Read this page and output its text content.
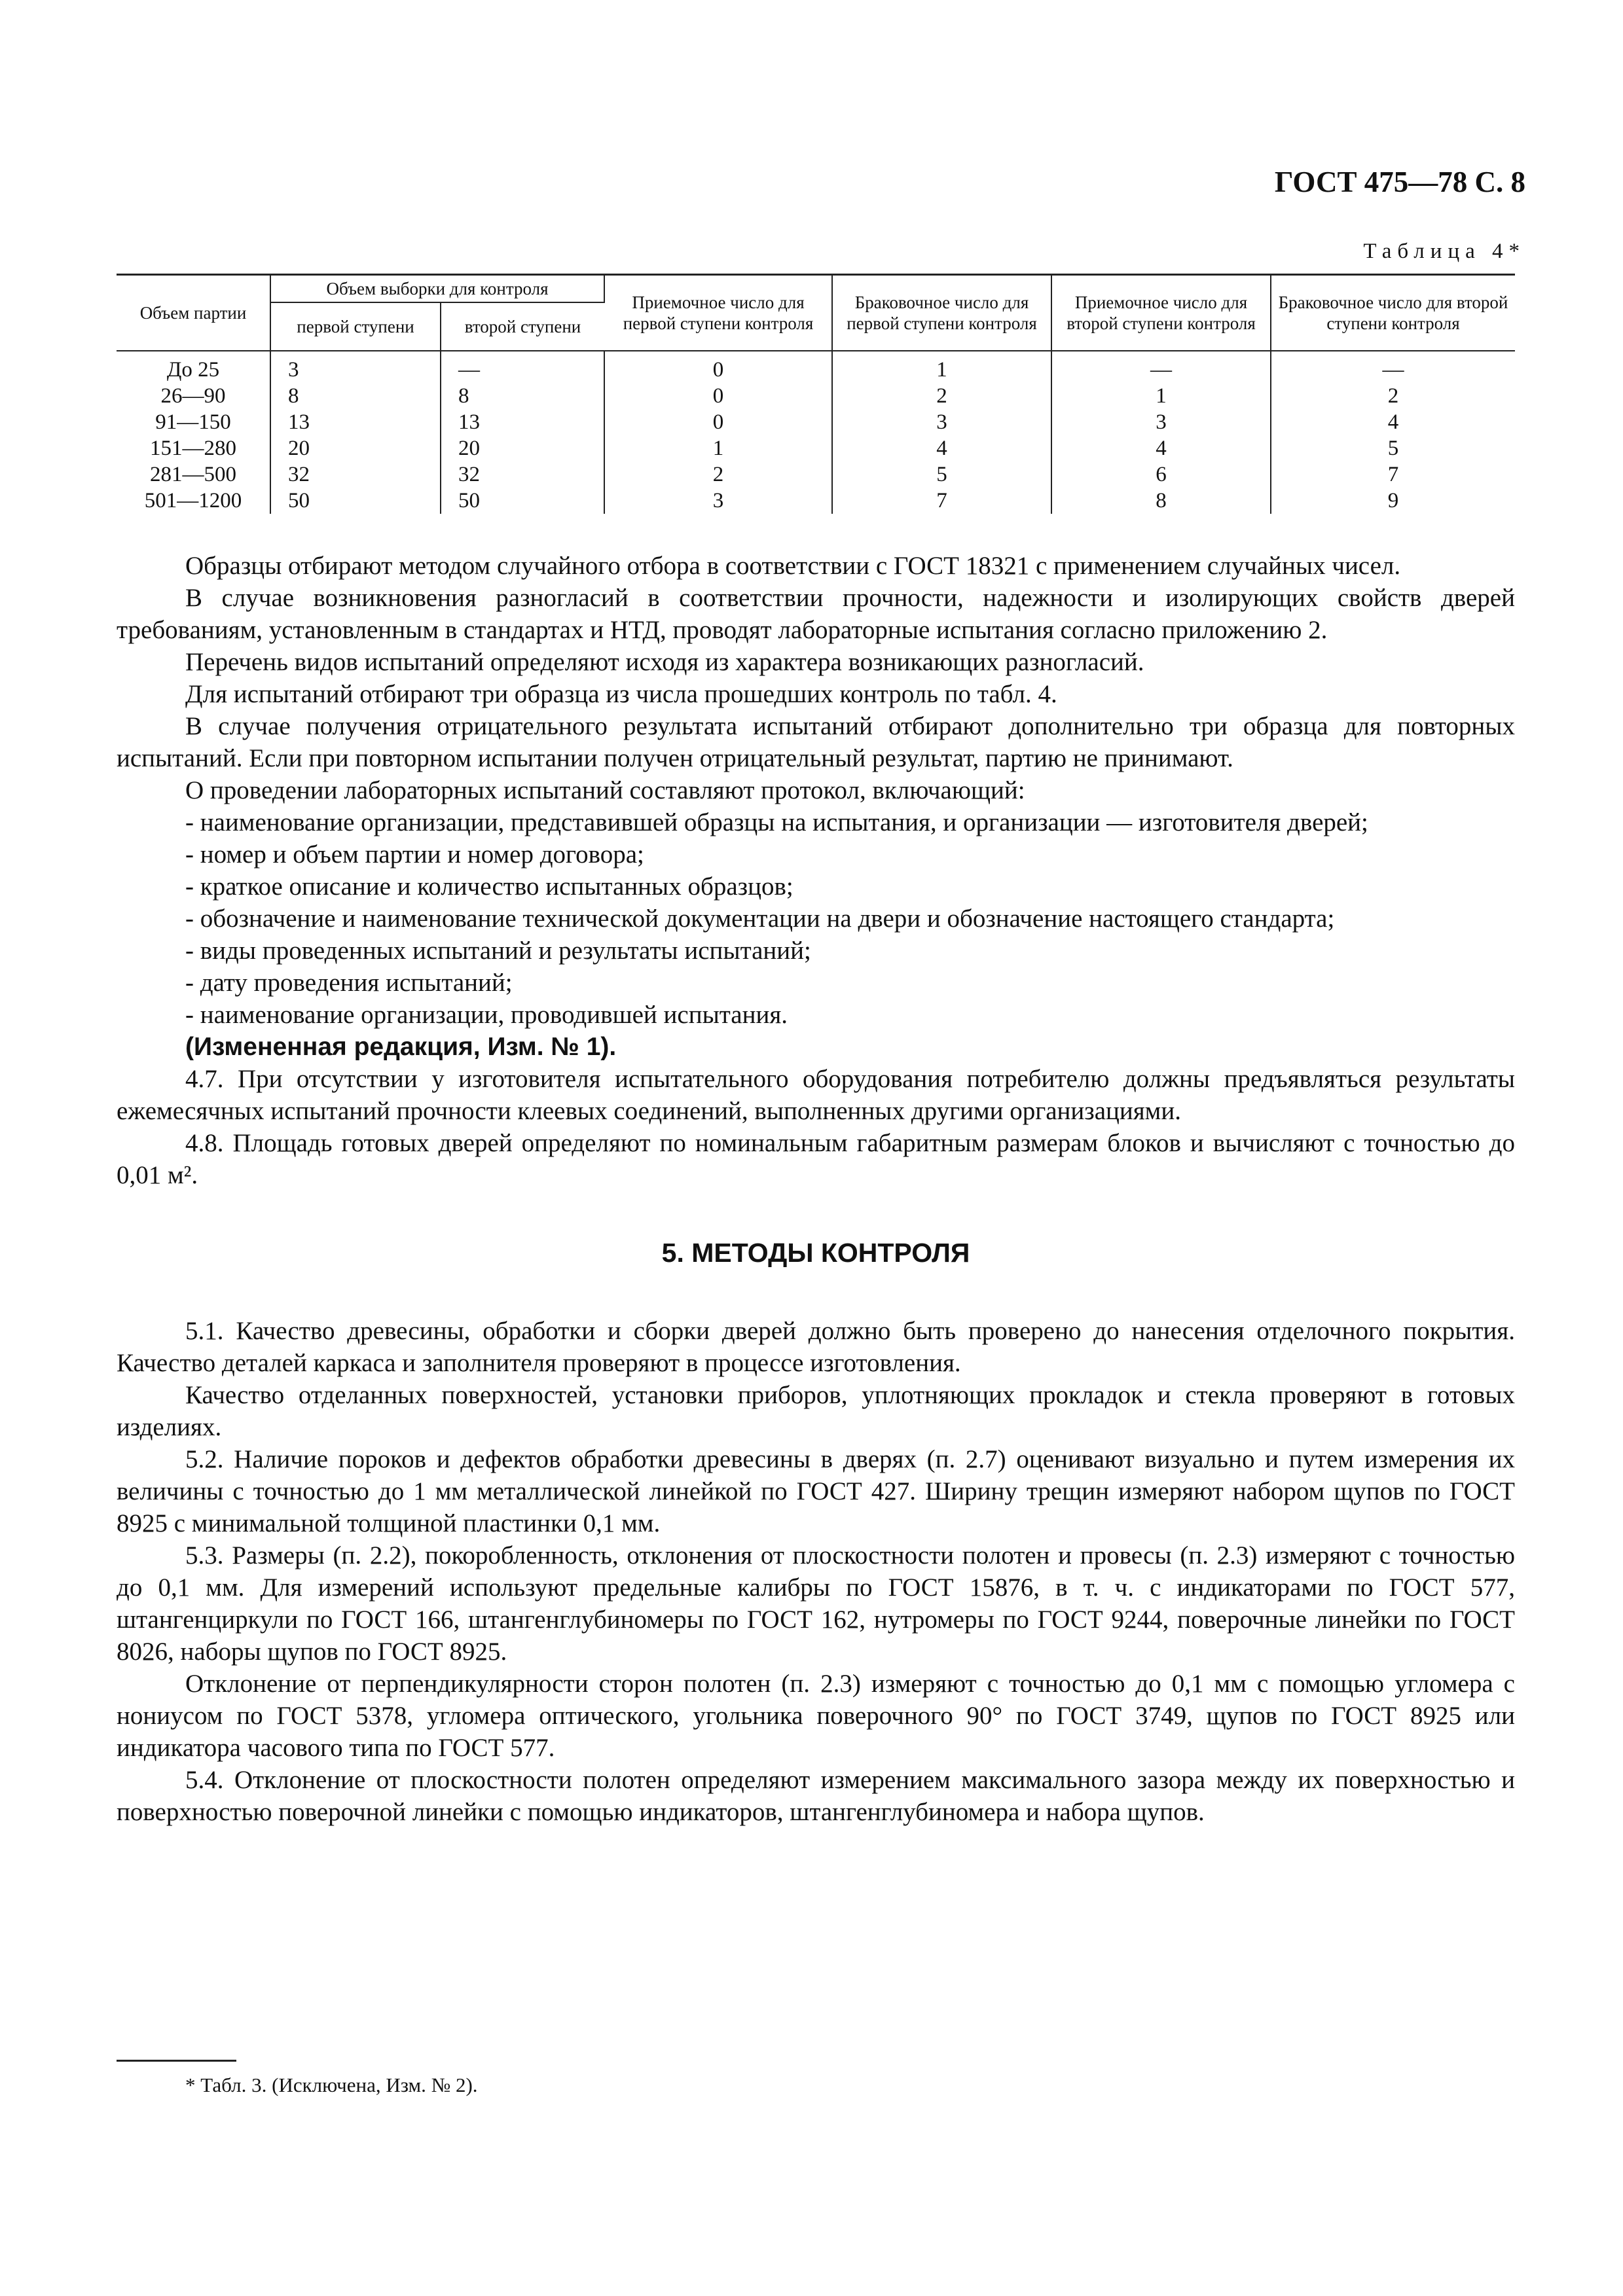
ГОСТ 475—78 С. 8
Таблица 4*
Объем партии	Объем выборки для контроля		Приемочное число для первой ступени контроля	Браковочное число для первой ступени контроля	Приемочное число для второй ступени контроля	Браковочное число для второй ступени контроля
	первой ступени	второй ступени				
До 25	3	—	0	1	—	—
26—90	8	8	0	2	1	2
91—150	13	13	0	3	3	4
151—280	20	20	1	4	4	5
281—500	32	32	2	5	6	7
501—1200	50	50	3	7	8	9

Образцы отбирают методом случайного отбора в соответствии с ГОСТ 18321 с применением случайных чисел.

В случае возникновения разногласий в соответствии прочности, надежности и изолирующих свойств дверей требованиям, установленным в стандартах и НТД, проводят лабораторные испытания согласно приложению 2.

Перечень видов испытаний определяют исходя из характера возникающих разногласий.

Для испытаний отбирают три образца из числа прошедших контроль по табл. 4.

В случае получения отрицательного результата испытаний отбирают дополнительно три образца для повторных испытаний. Если при повторном испытании получен отрицательный результат, партию не принимают.

О проведении лабораторных испытаний составляют протокол, включающий:

- наименование организации, представившей образцы на испытания, и организации — изготовителя дверей;

- номер и объем партии и номер договора;

- краткое описание и количество испытанных образцов;

- обозначение и наименование технической документации на двери и обозначение настоящего стандарта;

- виды проведенных испытаний и результаты испытаний;

- дату проведения испытаний;

- наименование организации, проводившей испытания.

(Измененная редакция, Изм. № 1).

4.7. При отсутствии у изготовителя испытательного оборудования потребителю должны предъявляться результаты ежемесячных испытаний прочности клеевых соединений, выполненных другими организациями.

4.8. Площадь готовых дверей определяют по номинальным габаритным размерам блоков и вычисляют с точностью до 0,01 м².

5. МЕТОДЫ КОНТРОЛЯ

5.1. Качество древесины, обработки и сборки дверей должно быть проверено до нанесения отделочного покрытия. Качество деталей каркаса и заполнителя проверяют в процессе изготовления.

Качество отделанных поверхностей, установки приборов, уплотняющих прокладок и стекла проверяют в готовых изделиях.

5.2. Наличие пороков и дефектов обработки древесины в дверях (п. 2.7) оценивают визуально и путем измерения их величины с точностью до 1 мм металлической линейкой по ГОСТ 427. Ширину трещин измеряют набором щупов по ГОСТ 8925 с минимальной толщиной пластинки 0,1 мм.

5.3. Размеры (п. 2.2), покоробленность, отклонения от плоскостности полотен и провесы (п. 2.3) измеряют с точностью до 0,1 мм. Для измерений используют предельные калибры по ГОСТ 15876, в т. ч. с индикаторами по ГОСТ 577, штангенциркули по ГОСТ 166, штангенглубиномеры по ГОСТ 162, нутромеры по ГОСТ 9244, поверочные линейки по ГОСТ 8026, наборы щупов по ГОСТ 8925.

Отклонение от перпендикулярности сторон полотен (п. 2.3) измеряют с точностью до 0,1 мм с помощью угломера с нониусом по ГОСТ 5378, угломера оптического, угольника поверочного 90° по ГОСТ 3749, щупов по ГОСТ 8925 или индикатора часового типа по ГОСТ 577.

5.4. Отклонение от плоскостности полотен определяют измерением максимального зазора между их поверхностью и поверхностью поверочной линейки с помощью индикаторов, штангенглубиномера и набора щупов.

* Табл. 3. (Исключена, Изм. № 2).
